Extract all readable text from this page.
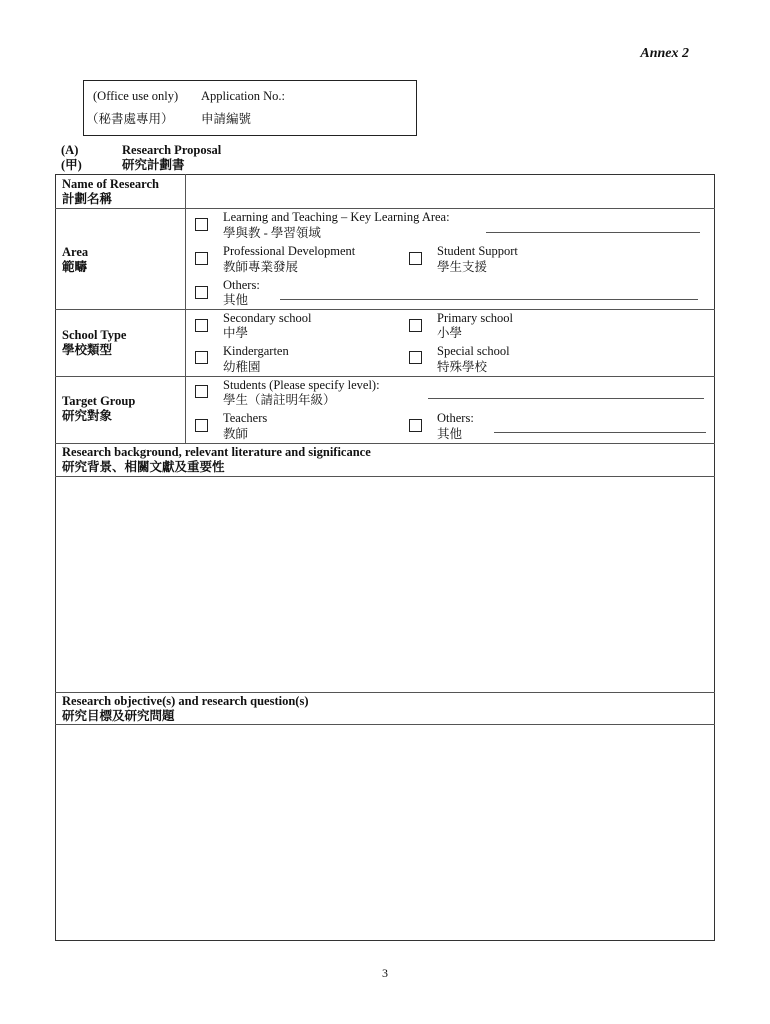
Annex 2
(Office use only) Application No.:
（秘書處專用） 申請編號
(A)	Research Proposal
(甲)	研究計劃書
Name of Research
計劃名稱
Area
範疇
Learning and Teaching – Key Learning Area:
學與教 - 學習領域
Professional Development
教師專業發展
Student Support
學生支援
Others:
其他
School Type
學校類型
Secondary school
中學
Primary school
小學
Kindergarten
幼稚園
Special school
特殊學校
Target Group
研究對象
Students (Please specify level):
學生（請註明年級）
Teachers
教師
Others:
其他
Research background, relevant literature and significance
研究背景、相關文獻及重要性
Research objective(s) and research question(s)
研究目標及研究問題
3
